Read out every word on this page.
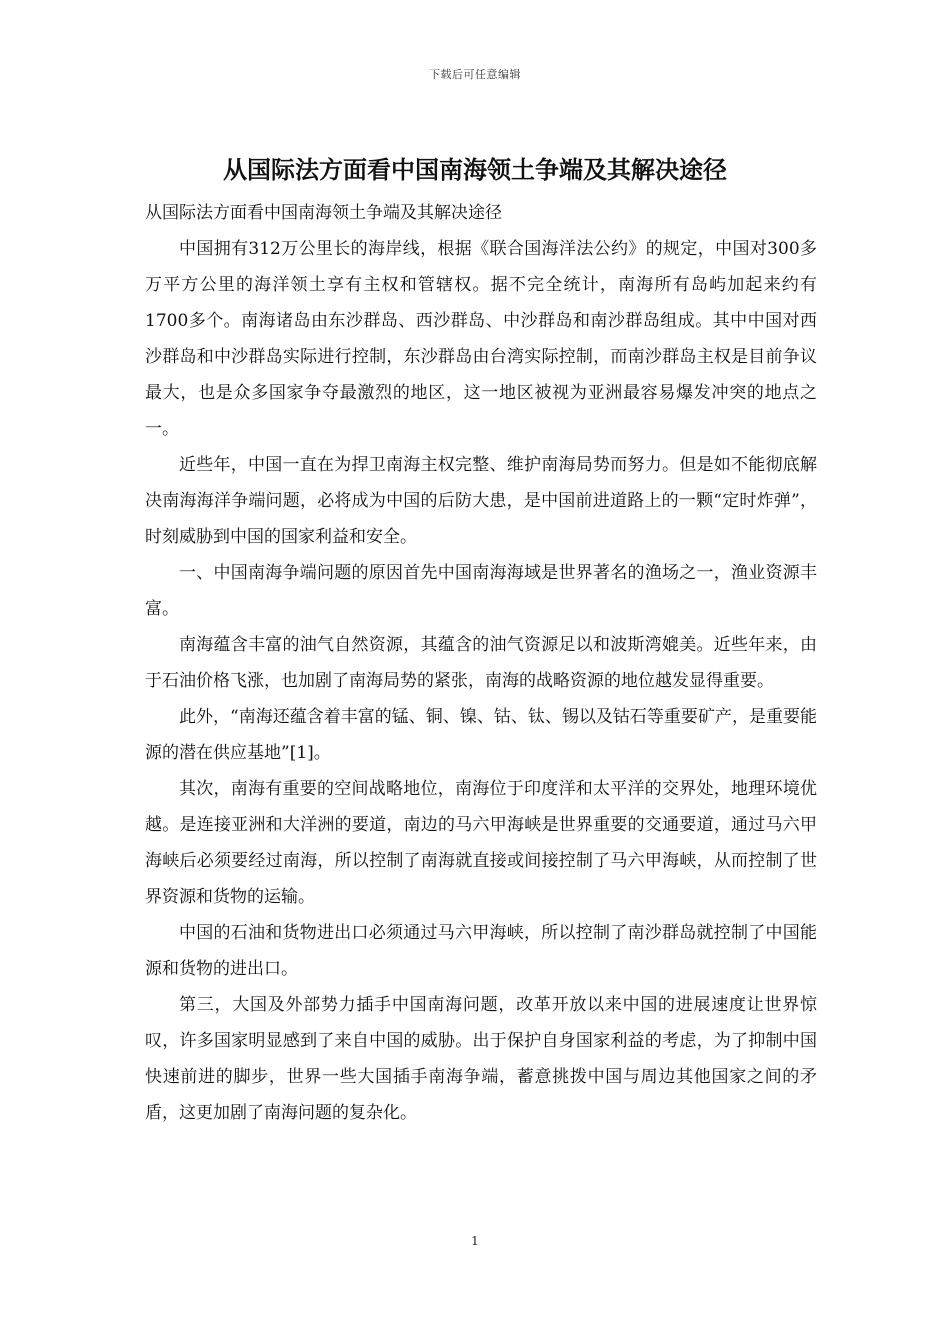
下载后可任意编辑
从国际法方面看中国南海领土争端及其解决途径

从国际法方面看中国南海领土争端及其解决途径

中国拥有312万公里长的海岸线，根据《联合国海洋法公约》的规定，中国对300多万平方公里的海洋领土享有主权和管辖权。据不完全统计，南海所有岛屿加起来约有1700多个。南海诸岛由东沙群岛、西沙群岛、中沙群岛和南沙群岛组成。其中中国对西沙群岛和中沙群岛实际进行控制，东沙群岛由台湾实际控制，而南沙群岛主权是目前争议最大，也是众多国家争夺最激烈的地区，这一地区被视为亚洲最容易爆发冲突的地点之一。

近些年，中国一直在为捍卫南海主权完整、维护南海局势而努力。但是如不能彻底解决南海海洋争端问题，必将成为中国的后防大患，是中国前进道路上的一颗“定时炸弹”，时刻威胁到中国的国家利益和安全。

一、中国南海争端问题的原因首先中国南海海域是世界著名的渔场之一，渔业资源丰富。

南海蕴含丰富的油气自然资源，其蕴含的油气资源足以和波斯湾媲美。近些年来，由于石油价格飞涨，也加剧了南海局势的紧张，南海的战略资源的地位越发显得重要。

此外，“南海还蕴含着丰富的锰、铜、镍、钴、钛、锡以及钴石等重要矿产，是重要能源的潜在供应基地”[1]。

其次，南海有重要的空间战略地位，南海位于印度洋和太平洋的交界处，地理环境优越。是连接亚洲和大洋洲的要道，南边的马六甲海峡是世界重要的交通要道，通过马六甲海峡后必须要经过南海，所以控制了南海就直接或间接控制了马六甲海峡，从而控制了世界资源和货物的运输。

中国的石油和货物进出口必须通过马六甲海峡，所以控制了南沙群岛就控制了中国能源和货物的进出口。

第三，大国及外部势力插手中国南海问题，改革开放以来中国的进展速度让世界惊叹，许多国家明显感到了来自中国的威胁。出于保护自身国家利益的考虑，为了抑制中国快速前进的脚步，世界一些大国插手南海争端，蓄意挑拨中国与周边其他国家之间的矛盾，这更加剧了南海问题的复杂化。

1
